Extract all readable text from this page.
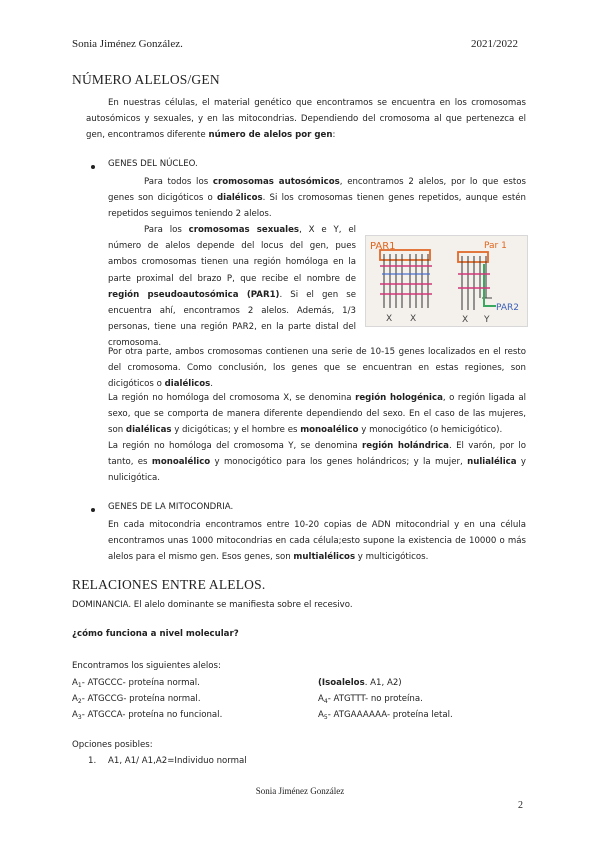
Sonia Jiménez González.	2021/2022
NÚMERO ALELOS/GEN

En nuestras células, el material genético que encontramos se encuentra en los cromosomas autosómicos y sexuales, y en las mitocondrias. Dependiendo del cromosoma al que pertenezca el gen, encontramos diferente número de alelos por gen:

GENES DEL NÚCLEO.

Para todos los cromosomas autosómicos, encontramos 2 alelos, por lo que estos genes son dicigóticos o dialélicos. Si los cromosomas tienen genes repetidos, aunque estén repetidos seguimos teniendo 2 alelos.

Para los cromosomas sexuales, X e Y, el número de alelos depende del locus del gen, pues ambos cromosomas tienen una región homóloga en la parte proximal del brazo P, que recibe el nombre de región pseudoautosómica (PAR1). Si el gen se encuentra ahí, encontramos 2 alelos. Además, 1/3 personas, tiene una región PAR2, en la parte distal del cromosoma.

PAR1	Par 1
X X
PAR2
X Y

Por otra parte, ambos cromosomas contienen una serie de 10-15 genes localizados en el resto del cromosoma. Como conclusión, los genes que se encuentran en estas regiones, son dicigóticos o dialélicos.

La región no homóloga del cromosoma X, se denomina región hologénica, o región ligada al sexo, que se comporta de manera diferente dependiendo del sexo. En el caso de las mujeres, son dialélicas y dicigóticas; y el hombre es monoalélico y monocigótico (o hemicigótico).

La región no homóloga del cromosoma Y, se denomina región holándrica. El varón, por lo tanto, es monoalélico y monocigótico para los genes holándricos; y la mujer, nulialélica y nulicigótica.

GENES DE LA MITOCONDRIA.

En cada mitocondria encontramos entre 10-20 copias de ADN mitocondrial y en una célula encontramos unas 1000 mitocondrias en cada célula;esto supone la existencia de 10000 o más alelos para el mismo gen. Esos genes, son multialélicos y multicigóticos.

RELACIONES ENTRE ALELOS.
DOMINANCIA. El alelo dominante se manifiesta sobre el recesivo.
¿cómo funciona a nivel molecular?
Encontramos los siguientes alelos:
$A_1-$ ATGCCC- proteína normal.
$A_2-$ ATGCCG- proteína normal.
$A_3-$ ATGCCA- proteína no funcional.
(Isoalelos. A1, A2)
$A_4-$ ATGTTT- no proteína.
$A_5-$ ATGAAAAAA- proteína letal.
Opciones posibles:
1. A1, A1/ A1,A2=Individuo normal
Sonia Jiménez González
2
